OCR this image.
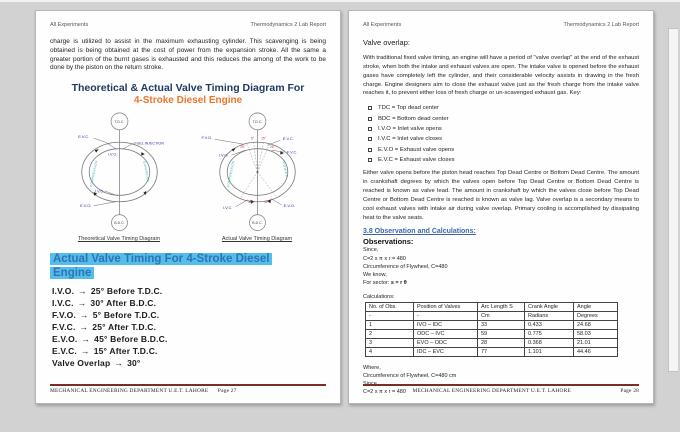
All Experiments	Thermodynamics 2 Lab Report
charge is utilized to assist in the maximum exhausting cylinder. This scavenging is being obtained is being obtained at the cost of power from the expansion stroke. All the same a greater portion of the burnt gases is exhausted and this reduces the among of the work to be done by the piston on the return stroke.
Theoretical & Actual Valve Timing Diagram For
4-Stroke Diesel Engine
T.D.C.
B.D.C.
E.V.C.
FUEL INJECTION
I.V.O.
I.V.C.
E.V.O.
COMPRESSION	EXPANSION
T.D.C.
B.D.C.
25°
5° 15°
25°
30°	45°
F.V.O.	E.V.C.
F.V.C.
I.V.O.
I.V.C.	E.V.O.
COMPRESSION	POWER
Theoretical Valve Timing Diagram	Actual Valve Timing Diagram
Actual Valve Timing For 4-Stroke Diesel Engine
I.V.O. → 25° Before T.D.C.
I.V.C. → 30° After B.D.C.
F.V.O. → 5° Before T.D.C.
F.V.C. → 25° After T.D.C.
E.V.O. → 45° Before B.D.C.
E.V.C. → 15° After T.D.C.
Valve Overlap → 30°
MECHANICAL ENGINEERING DEPARTMENT U.E.T. LAHORE Page 27
All Experiments	Thermodynamics 2 Lab Report
Valve overlap:
With traditional fixed valve timing, an engine will have a period of "valve overlap" at the end of the exhaust stroke, when both the intake and exhaust valves are open. The intake valve is opened before the exhaust gases have completely left the cylinder, and their considerable velocity assists in drawing in the fresh charge. Engine designers aim to close the exhaust valve just as the fresh charge from the intake valve reaches it, to prevent either loss of fresh charge or un-scavenged exhaust gas. Key:
TDC = Top dead center
BDC = Bottom dead center
I.V.O = Inlet valve opens
I.V.C = Inlet valve closes
E.V.O = Exhaust valve opens
E.V.C = Exhaust valve closes
Either valve opens before the piston head reaches Top Dead Centre or Bottom Dead Centre. The amount in crankshaft degrees by which the valves open before Top Dead Centre or Bottom Dead Centre is reached is known as valve lead. The amount in crankshaft by which the valves close before Top Dead Centre or Bottom Dead Centre is reached is known as valve lag. Valve overlap is a secondary means to cool exhaust valves with intake air during valve overlap. Primary cooling is accomplished by dissipating heat to the valve seats.
3.8 Observation and Calculations:
Observations:
Since,
C=2 x π x r = 480
Circumference of Flywheel, C=480
We know,
For sector: s = r θ
Calculations:
No. of Obs.	Position of Valves	Arc Length S	Crank Angle	Angle
-	-	Cm	Radians	Degrees
1	IVO – IDC	33	0.433	24.68
2	ODC – IVC	59	0.775	58.03
3	EVO – ODC	28	0.368	21.01
4	IDC – EVC	77	1.101	44.46
Where,
Circumference of Flywheel, C=480 cm
Since,
C=2 x π x r = 480	Page 28
MECHANICAL ENGINEERING DEPARTMENT U.E.T. LAHORE
